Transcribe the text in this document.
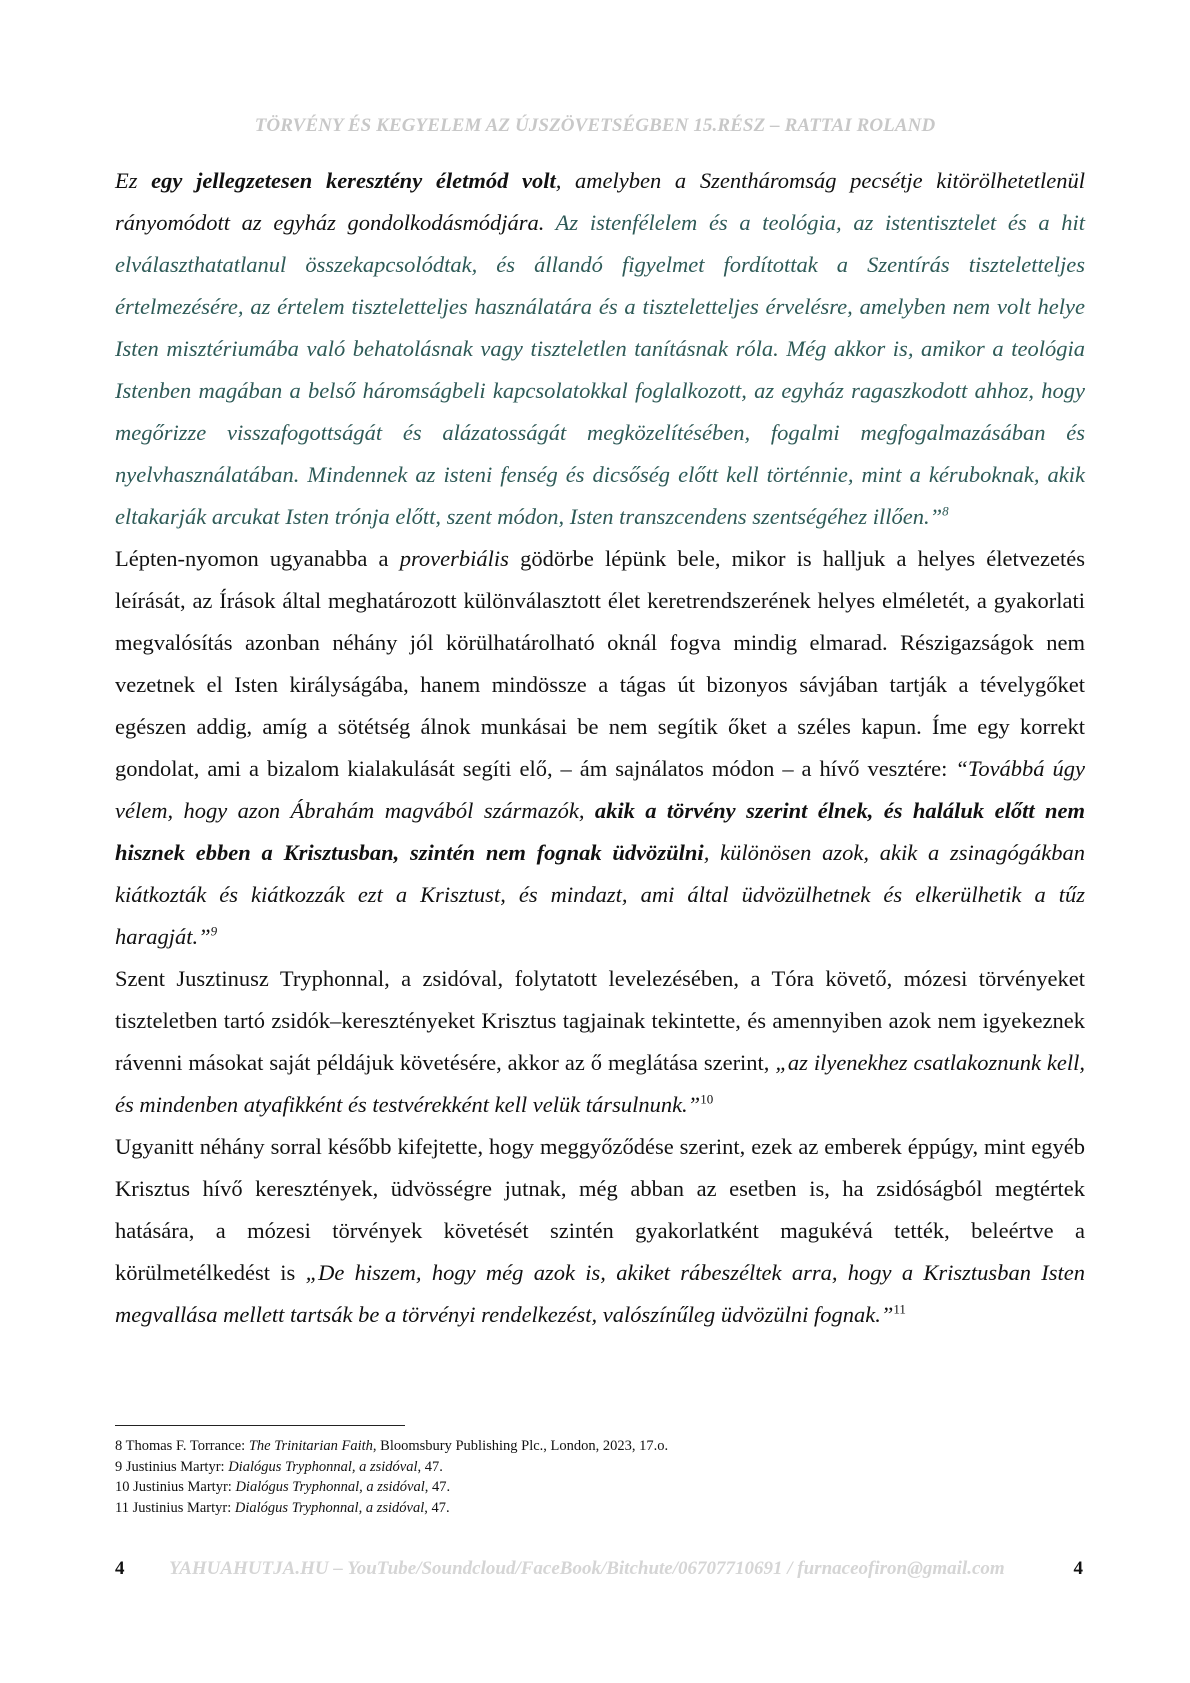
TÖRVÉNY ÉS KEGYELEM AZ ÚJSZÖVETSÉGBEN 15.RÉSZ – RATTAI ROLAND

Ez egy jellegzetesen keresztény életmód volt, amelyben a Szentháromság pecsétje kitörölhetetlenül rányomódott az egyház gondolkodásmódjára. Az istenfélelem és a teológia, az istentisztelet és a hit elválaszthatatlanul összekapcsolódtak, és állandó figyelmet fordítottak a Szentírás tiszteletteljes értelmezésére, az értelem tiszteletteljes használatára és a tiszteletteljes érvelésre, amelyben nem volt helye Isten misztériumába való behatolásnak vagy tiszteletlen tanításnak róla. Még akkor is, amikor a teológia Istenben magában a belső háromságbeli kapcsolatokkal foglalkozott, az egyház ragaszkodott ahhoz, hogy megőrizze visszafogottságát és alázatosságát megközelítésében, fogalmi megfogalmazásában és nyelvhasználatában. Mindennek az isteni fenség és dicsőség előtt kell történnie, mint a kéruboknak, akik eltakarják arcukat Isten trónja előtt, szent módon, Isten transzcendens szentségéhez illően.”$^8$

Lépten-nyomon ugyanabba a proverbiális gödörbe lépünk bele, mikor is halljuk a helyes életvezetés leírását, az Írások által meghatározott különválasztott élet keretrendszerének helyes elméletét, a gyakorlati megvalósítás azonban néhány jól körülhatárolható oknál fogva mindig elmarad. Részigazságok nem vezetnek el Isten királyságába, hanem mindössze a tágas út bizonyos sávjában tartják a tévelygőket egészen addig, amíg a sötétség álnok munkásai be nem segítik őket a széles kapun. Íme egy korrekt gondolat, ami a bizalom kialakulását segíti elő, – ám sajnálatos módon – a hívő vesztére: “Továbbá úgy vélem, hogy azon Ábrahám magvából származók, akik a törvény szerint élnek, és haláluk előtt nem hisznek ebben a Krisztusban, szintén nem fognak üdvözülni, különösen azok, akik a zsinagógákban kiátkozták és kiátkozzák ezt a Krisztust, és mindazt, ami által üdvözülhetnek és elkerülhetik a tűz haragját.”$^9$

Szent Jusztinusz Tryphonnal, a zsidóval, folytatott levelezésében, a Tóra követő, mózesi törvényeket tiszteletben tartó zsidók–keresztényeket Krisztus tagjainak tekintette, és amennyiben azok nem igyekeznek rávenni másokat saját példájuk követésére, akkor az ő meglátása szerint, „az ilyenekhez csatlakoznunk kell, és mindenben atyafikként és testvérekként kell velük társulnunk.”$^{10}$

Ugyanitt néhány sorral később kifejtette, hogy meggyőződése szerint, ezek az emberek éppúgy, mint egyéb Krisztus hívő keresztények, üdvösségre jutnak, még abban az esetben is, ha zsidóságból megtértek hatására, a mózesi törvények követését szintén gyakorlatként magukévá tették, beleértve a körülmetélkedést is „De hiszem, hogy még azok is, akiket rábeszéltek arra, hogy a Krisztusban Isten megvallása mellett tartsák be a törvényi rendelkezést, valószínűleg üdvözülni fognak.”$^{11}$

8 Thomas F. Torrance: The Trinitarian Faith, Bloomsbury Publishing Plc., London, 2023, 17.o.
9 Justinius Martyr: Dialógus Tryphonnal, a zsidóval, 47.
10 Justinius Martyr: Dialógus Tryphonnal, a zsidóval, 47.
11 Justinius Martyr: Dialógus Tryphonnal, a zsidóval, 47.
4 YAHUAHUTJA.HU – YouTube/Soundcloud/FaceBook/Bitchute/06707710691 / furnaceofiron@gmail.com	4
